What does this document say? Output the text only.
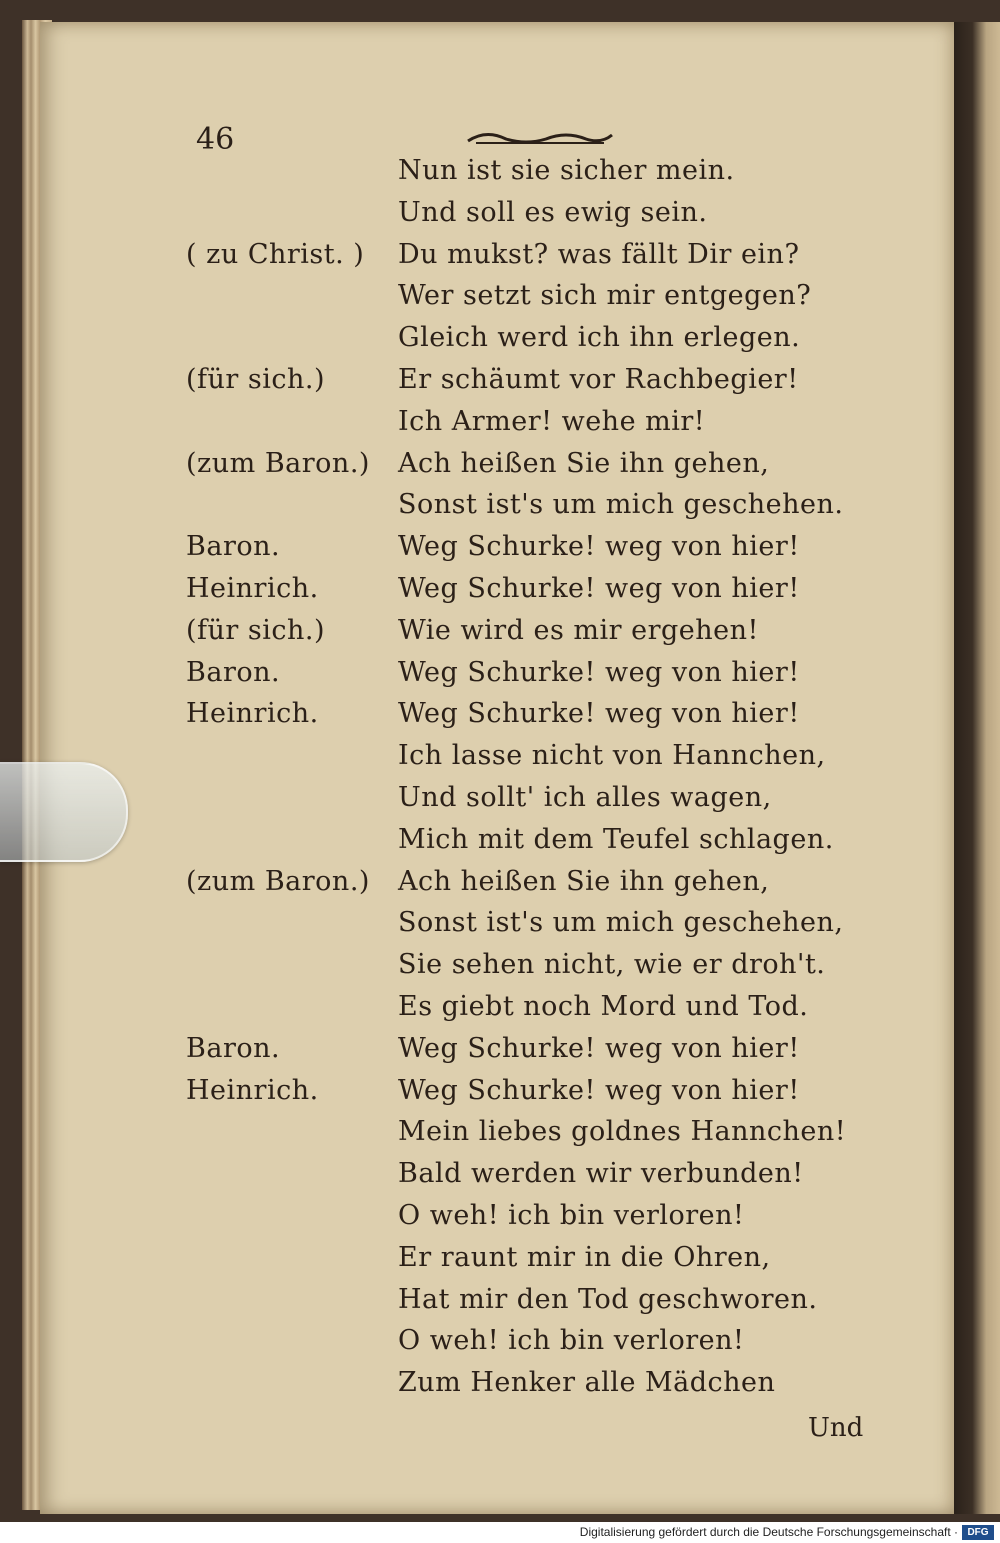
46
( zu Christ. )
(für sich.)
(zum Baron.)
Baron.
Heinrich.
(für sich.)
Baron.
Heinrich.
(zum Baron.)
Baron.
Heinrich.
Nun ist sie sicher mein.
Und soll es ewig sein.
Du mukst? was fällt Dir ein?
Wer setzt sich mir entgegen?
Gleich werd ich ihn erlegen.
Er schäumt vor Rachbegier!
Ich Armer! wehe mir!
Ach heißen Sie ihn gehen,
Sonst ist's um mich geschehen.
Weg Schurke! weg von hier!
Weg Schurke! weg von hier!
Wie wird es mir ergehen!
Weg Schurke! weg von hier!
Weg Schurke! weg von hier!
Ich lasse nicht von Hannchen,
Und sollt' ich alles wagen,
Mich mit dem Teufel schlagen.
Ach heißen Sie ihn gehen,
Sonst ist's um mich geschehen,
Sie sehen nicht, wie er droh't.
Es giebt noch Mord und Tod.
Weg Schurke! weg von hier!
Weg Schurke! weg von hier!
Mein liebes goldnes Hannchen!
Bald werden wir verbunden!
O weh! ich bin verloren!
Er raunt mir in die Ohren,
Hat mir den Tod geschworen.
O weh! ich bin verloren!
Zum Henker alle Mädchen
Und
Digitalisierung gefördert durch die Deutsche Forschungsgemeinschaft · DFG
